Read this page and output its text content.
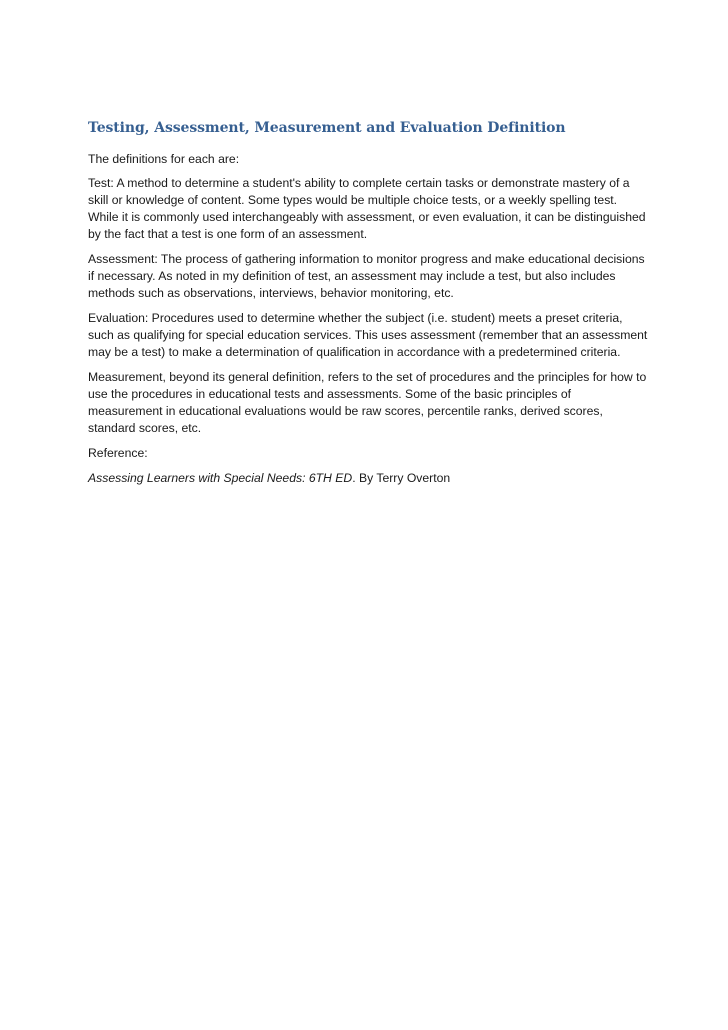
Testing, Assessment, Measurement and Evaluation Definition

The definitions for each are:

Test: A method to determine a student's ability to complete certain tasks or demonstrate mastery of a skill or knowledge of content. Some types would be multiple choice tests, or a weekly spelling test. While it is commonly used interchangeably with assessment, or even evaluation, it can be distinguished by the fact that a test is one form of an assessment.

Assessment: The process of gathering information to monitor progress and make educational decisions if necessary. As noted in my definition of test, an assessment may include a test, but also includes methods such as observations, interviews, behavior monitoring, etc.

Evaluation: Procedures used to determine whether the subject (i.e. student) meets a preset criteria, such as qualifying for special education services. This uses assessment (remember that an assessment may be a test) to make a determination of qualification in accordance with a predetermined criteria.

Measurement, beyond its general definition, refers to the set of procedures and the principles for how to use the procedures in educational tests and assessments. Some of the basic principles of measurement in educational evaluations would be raw scores, percentile ranks, derived scores, standard scores, etc.

Reference:

Assessing Learners with Special Needs: 6TH ED. By Terry Overton
